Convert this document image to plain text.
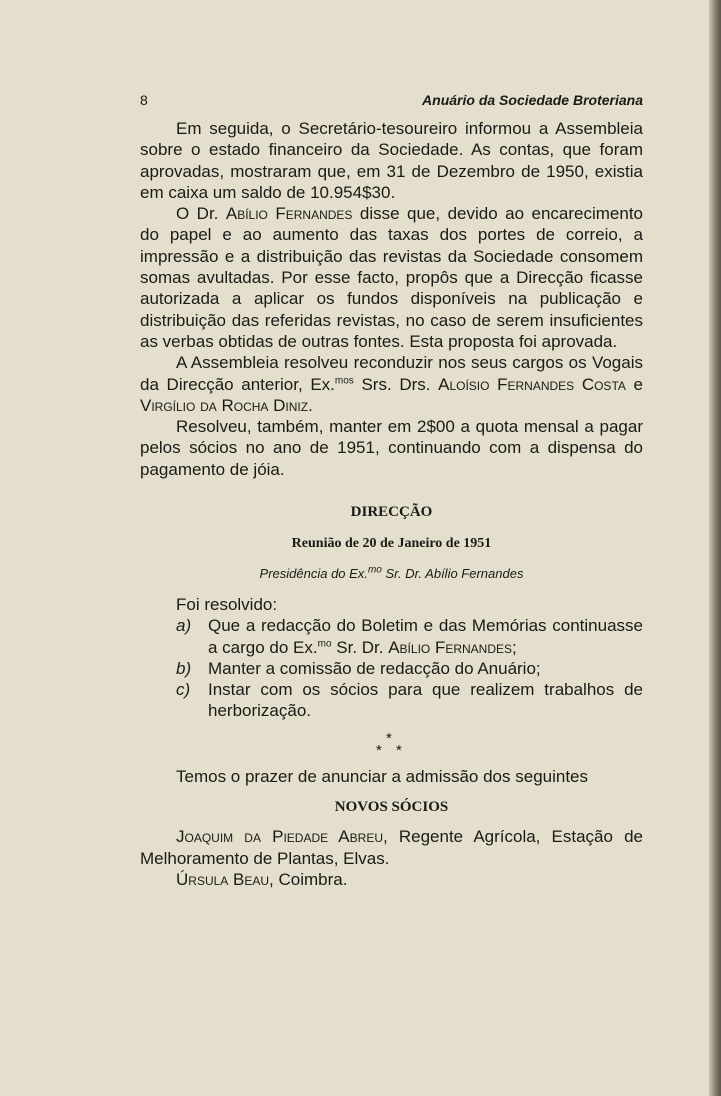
8	Anuário da Sociedade Broteriana

Em seguida, o Secretário-tesoureiro informou a Assembleia sobre o estado financeiro da Sociedade. As contas, que foram aprovadas, mostraram que, em 31 de Dezembro de 1950, existia em caixa um saldo de 10.954$30.

O Dr. Abílio Fernandes disse que, devido ao encarecimento do papel e ao aumento das taxas dos portes de correio, a impressão e a distribuição das revistas da Sociedade consomem somas avultadas. Por esse facto, propôs que a Direcção ficasse autorizada a aplicar os fundos disponíveis na publicação e distribuição das referidas revistas, no caso de serem insuficientes as verbas obtidas de outras fontes. Esta proposta foi aprovada.

A Assembleia resolveu reconduzir nos seus cargos os Vogais da Direcção anterior, Ex.$^{mos}$ Srs. Drs. Aloísio Fernandes Costa e Virgílio da Rocha Diniz.

Resolveu, também, manter em 2$00 a quota mensal a pagar pelos sócios no ano de 1951, continuando com a dispensa do pagamento de jóia.

DIRECÇÃO

Reunião de 20 de Janeiro de 1951

Presidência do Ex.$^{mo}$ Sr. Dr. Abílio Fernandes

Foi resolvido:

a) Que a redacção do Boletim e das Memórias continuasse a cargo do Ex.$^{mo}$ Sr. Dr. Abílio Fernandes;
b) Manter a comissão de redacção do Anuário;
c)	Instar com os sócios para que realizem trabalhos de herborização.
*
* *

Temos o prazer de anunciar a admissão dos seguintes

NOVOS SÓCIOS

Joaquim da Piedade Abreu, Regente Agrícola, Estação de Melhoramento de Plantas, Elvas.

Úrsula Beau, Coimbra.
